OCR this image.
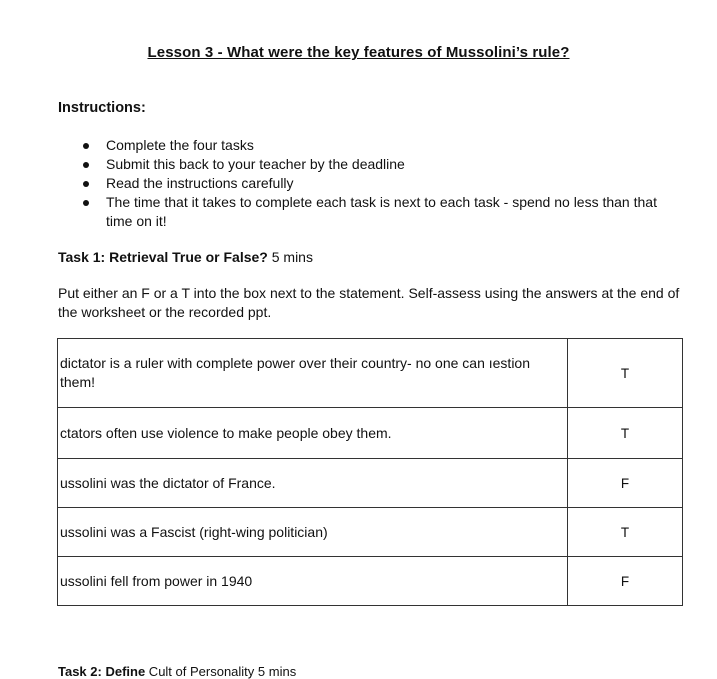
Lesson 3 - What were the key features of Mussolini’s rule?
Instructions:
Complete the four tasks
Submit this back to your teacher by the deadline
Read the instructions carefully
The time that it takes to complete each task is next to each task - spend no less than that time on it!
Task 1: Retrieval True or False? 5 mins
Put either an F or a T into the box next to the statement. Self-assess using the answers at the end of the worksheet or the recorded ppt.
dictator is a ruler with complete power over their country- no one can ıestion them!	T

ctators often use violence to make people obey them.	T

ussolini was the dictator of France.	F

ussolini was a Fascist (right-wing politician)	T

ussolini fell from power in 1940	F
Task 2: Define Cult of Personality 5 mins
